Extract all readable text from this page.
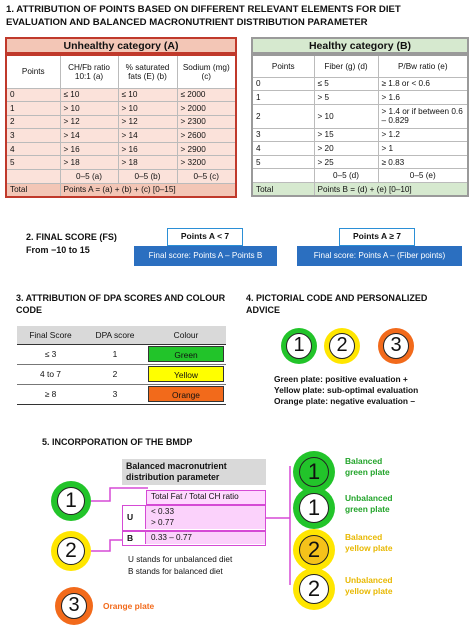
1. ATTRIBUTION OF POINTS BASED ON DIFFERENT RELEVANT ELEMENTS FOR DIET
EVALUATION AND BALANCED MACRONUTRIENT DISTRIBUTION PARAMETER
Unhealthy category (A)
Points	CH/Fb ratio 10:1 (a)	% saturated fats (E) (b)	Sodium (mg) (c)
0	≤ 10	≤ 10	≤ 2000
1	> 10	> 10	> 2000
2	> 12	> 12	> 2300
3	> 14	> 14	> 2600
4	> 16	> 16	> 2900
5	> 18	> 18	> 3200
	0–5 (a)	0–5 (b)	0–5 (c)
Total	Points A = (a) + (b) + (c) [0–15]		
Healthy category (B)
Points	Fiber (g) (d)	P/Bw ratio (e)
0	≤ 5	≥ 1.8 or < 0.6
1	> 5	> 1.6
2	> 10	> 1.4 or if between 0.6 – 0.829
3	> 15	> 1.2
4	> 20	> 1
5	> 25	≥ 0.83
	0–5 (d)	0–5 (e)
Total	Points B = (d) + (e) [0–10]	
2. FINAL SCORE (FS)
From −10 to 15
Points A < 7
Final score: Points A – Points B
Points A ≥ 7
Final score: Points A – (Fiber points)
3. ATTRIBUTION OF DPA SCORES AND COLOUR
CODE
Final Score	DPA score	Colour
≤ 3	1	Green

4 to 7	2	Yellow

≥ 8	3	Orange
4. PICTORIAL CODE AND PERSONALIZED
ADVICE
1	2	3
Green plate: positive evaluation +
Yellow plate: sub-optimal evaluation
Orange plate: negative evaluation –
5. INCORPORATION OF THE BMDP
1
2
3	Orange plate
Balanced macronutrient
distribution parameter
Total Fat / Total CH ratio
U
< 0.33
> 0.77
B	0.33 – 0.77
U stands for unbalanced diet
B stands for balanced diet
1	Balanced
green plate
1	Unbalanced
green plate
2	Balanced
yellow plate
2	Unbalanced
yellow plate
